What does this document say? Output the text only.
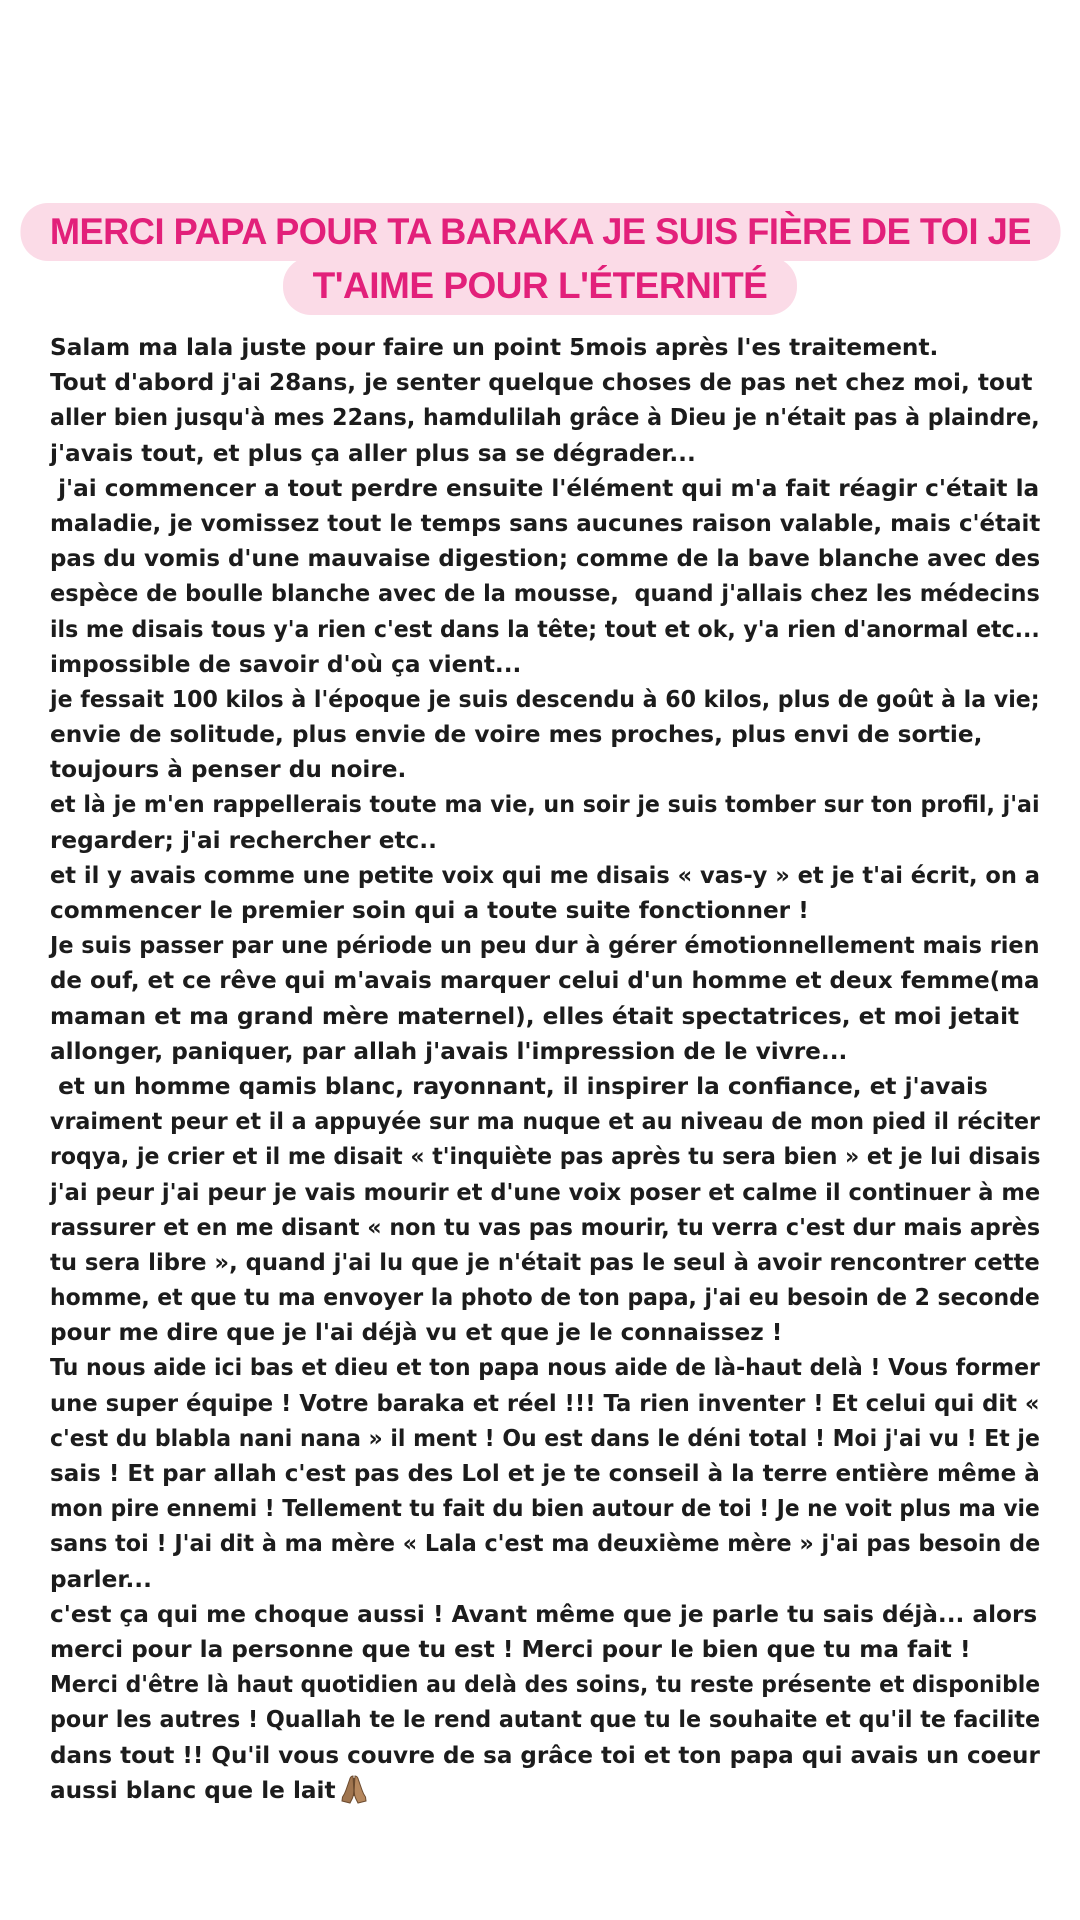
MERCI PAPA POUR TA BARAKA JE SUIS FIÈRE DE TOI JE
T'AIME POUR L'ÉTERNITÉ
Salam ma lala juste pour faire un point 5mois après l'es traitement.
Tout d'abord j'ai 28ans, je senter quelque choses de pas net chez moi, tout
aller bien jusqu'à mes 22ans, hamdulilah grâce à Dieu je n'était pas à plaindre,
j'avais tout, et plus ça aller plus sa se dégrader...
j'ai commencer a tout perdre ensuite l'élément qui m'a fait réagir c'était la
maladie, je vomissez tout le temps sans aucunes raison valable, mais c'était
pas du vomis d'une mauvaise digestion; comme de la bave blanche avec des
espèce de boulle blanche avec de la mousse,  quand j'allais chez les médecins
ils me disais tous y'a rien c'est dans la tête; tout et ok, y'a rien d'anormal etc...
impossible de savoir d'où ça vient...
je fessait 100 kilos à l'époque je suis descendu à 60 kilos, plus de goût à la vie;
envie de solitude, plus envie de voire mes proches, plus envi de sortie,
toujours à penser du noire.
et là je m'en rappellerais toute ma vie, un soir je suis tomber sur ton profil, j'ai
regarder; j'ai rechercher etc..
et il y avais comme une petite voix qui me disais « vas-y » et je t'ai écrit, on a
commencer le premier soin qui a toute suite fonctionner !
Je suis passer par une période un peu dur à gérer émotionnellement mais rien
de ouf, et ce rêve qui m'avais marquer celui d'un homme et deux femme(ma
maman et ma grand mère maternel), elles était spectatrices, et moi jetait
allonger, paniquer, par allah j'avais l'impression de le vivre...
et un homme qamis blanc, rayonnant, il inspirer la confiance, et j'avais
vraiment peur et il a appuyée sur ma nuque et au niveau de mon pied il réciter
roqya, je crier et il me disait « t'inquiète pas après tu sera bien » et je lui disais
j'ai peur j'ai peur je vais mourir et d'une voix poser et calme il continuer à me
rassurer et en me disant « non tu vas pas mourir, tu verra c'est dur mais après
tu sera libre », quand j'ai lu que je n'était pas le seul à avoir rencontrer cette
homme, et que tu ma envoyer la photo de ton papa, j'ai eu besoin de 2 seconde
pour me dire que je l'ai déjà vu et que je le connaissez !
Tu nous aide ici bas et dieu et ton papa nous aide de là-haut delà ! Vous former
une super équipe ! Votre baraka et réel !!! Ta rien inventer ! Et celui qui dit «
c'est du blabla nani nana » il ment ! Ou est dans le déni total ! Moi j'ai vu ! Et je
sais ! Et par allah c'est pas des Lol et je te conseil à la terre entière même à
mon pire ennemi ! Tellement tu fait du bien autour de toi ! Je ne voit plus ma vie
sans toi ! J'ai dit à ma mère « Lala c'est ma deuxième mère » j'ai pas besoin de
parler...
c'est ça qui me choque aussi ! Avant même que je parle tu sais déjà... alors
merci pour la personne que tu est ! Merci pour le bien que tu ma fait !
Merci d'être là haut quotidien au delà des soins, tu reste présente et disponible
pour les autres ! Quallah te le rend autant que tu le souhaite et qu'il te facilite
dans tout !! Qu'il vous couvre de sa grâce toi et ton papa qui avais un coeur
aussi blanc que le lait
